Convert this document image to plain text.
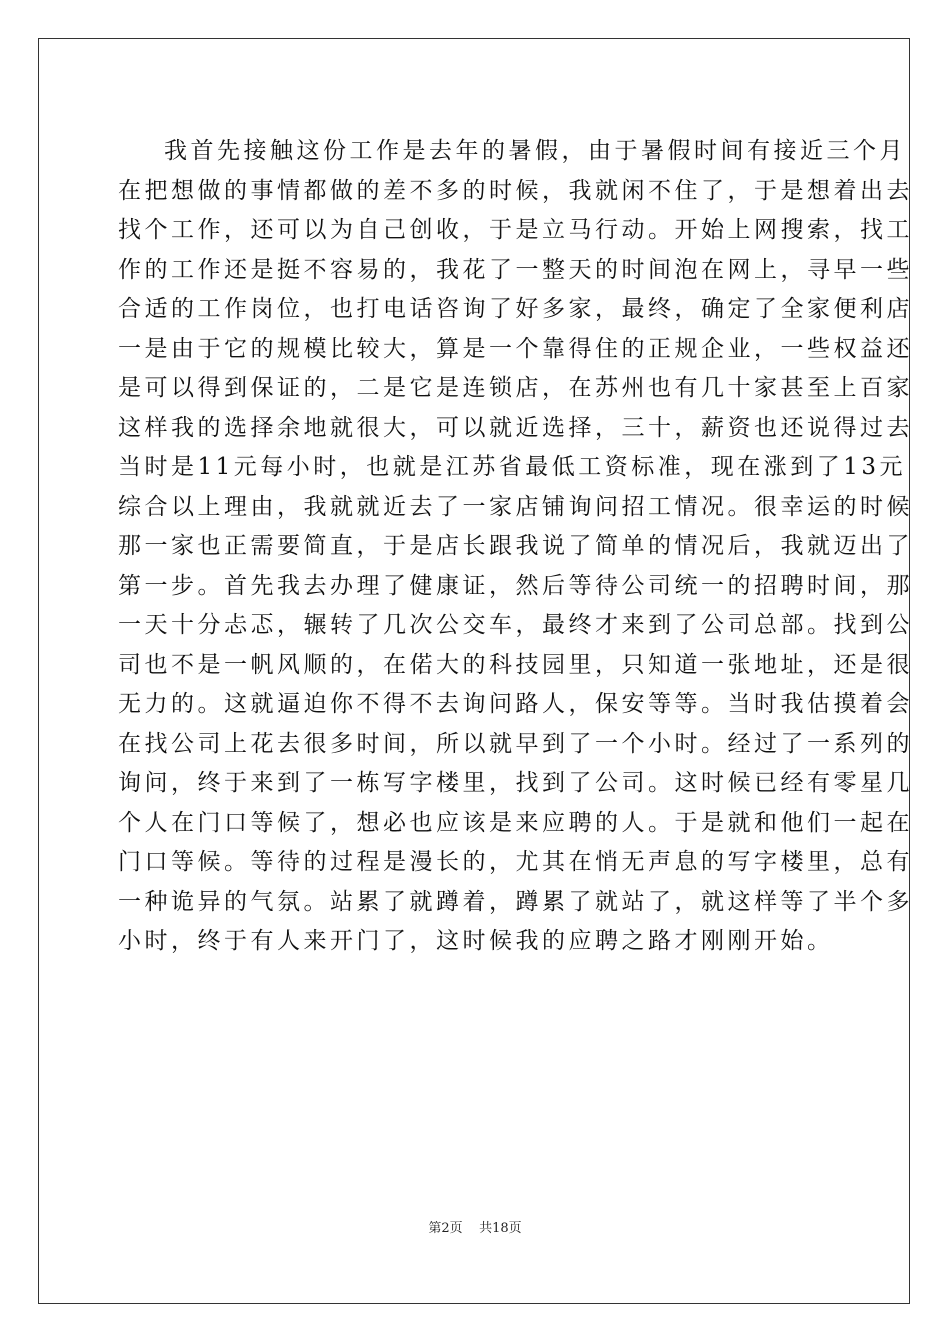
我首先接触这份工作是去年的暑假，由于暑假时间有接近三个月
在把想做的事情都做的差不多的时候，我就闲不住了，于是想着出去
找个工作，还可以为自己创收，于是立马行动。开始上网搜索，找工
作的工作还是挺不容易的，我花了一整天的时间泡在网上，寻早一些
合适的工作岗位，也打电话咨询了好多家，最终，确定了全家便利店
一是由于它的规模比较大，算是一个靠得住的正规企业，一些权益还
是可以得到保证的，二是它是连锁店，在苏州也有几十家甚至上百家
这样我的选择余地就很大，可以就近选择，三十，薪资也还说得过去
当时是11元每小时，也就是江苏省最低工资标准，现在涨到了13元
综合以上理由，我就就近去了一家店铺询问招工情况。很幸运的时候
那一家也正需要简直，于是店长跟我说了简单的情况后，我就迈出了
第一步。首先我去办理了健康证，然后等待公司统一的招聘时间，那
一天十分忐忑，辗转了几次公交车，最终才来到了公司总部。找到公
司也不是一帆风顺的，在偌大的科技园里，只知道一张地址，还是很
无力的。这就逼迫你不得不去询问路人，保安等等。当时我估摸着会
在找公司上花去很多时间，所以就早到了一个小时。经过了一系列的
询问，终于来到了一栋写字楼里，找到了公司。这时候已经有零星几
个人在门口等候了，想必也应该是来应聘的人。于是就和他们一起在
门口等候。等待的过程是漫长的，尤其在悄无声息的写字楼里，总有
一种诡异的气氛。站累了就蹲着，蹲累了就站了，就这样等了半个多
小时，终于有人来开门了，这时候我的应聘之路才刚刚开始。
第2页 共18页
